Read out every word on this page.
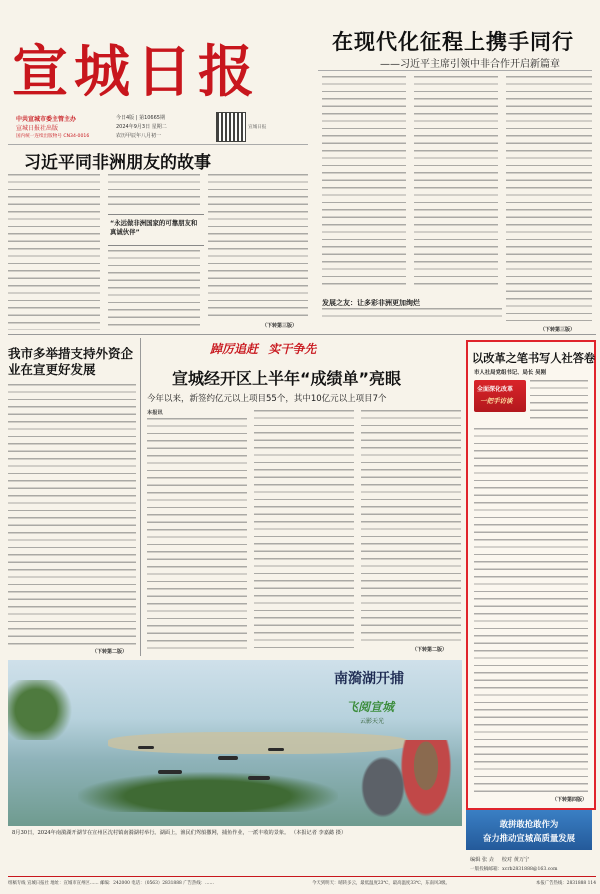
宣城日报
中共宣城市委主管主办
宣城日报社出版
国内统一连续出版物号 CN34-0016
今日4版 | 第10665期
2024年9月3日 星期二
农历甲辰年八月初一
宣城日报
在现代化征程上携手同行
——习近平主席引领中非合作开启新篇章
发展之友：让多彩非洲更加绚烂
（下转第三版）
习近平同非洲朋友的故事
“永远做非洲国家的可靠朋友和真诚伙伴”
（下转第三版）
我市多举措支持外资企业在宣更好发展
（下转第二版）
踔厉追赶 实干争先
宣城经开区上半年“成绩单”亮眼
今年以来，新签约亿元以上项目55个，其中10亿元以上项目7个
本报讯
（下转第二版）
以改革之笔书写人社答卷
市人社局党组书记、局长 吴刚
全面深化改革
一把手访谈
（下转第四版）
南漪湖开捕
飞阅宣城
云影天光
8月30日，2024年南漪湖开湖节在宣州区沈村镇南漪湖村举行。湖面上，渔民们驾船撒网，捕鱼作业，一派丰收的景象。 （本报记者 李嘉懿 摄）
敢拼敢抢敢作为
奋力推动宣城高质量发展
编辑 张 垚 校对 黄万宁
一版投稿邮箱：xcrb2831888@163.com
组稿专线 宣城日报社 地址：宣城市宣州区…… 邮编：242000 电话：（0563）2831888 广告热线：……	今天到明天：晴转多云，最低温度23℃，最高温度33℃，东南风3级。	本报广告热线：2831888 114
